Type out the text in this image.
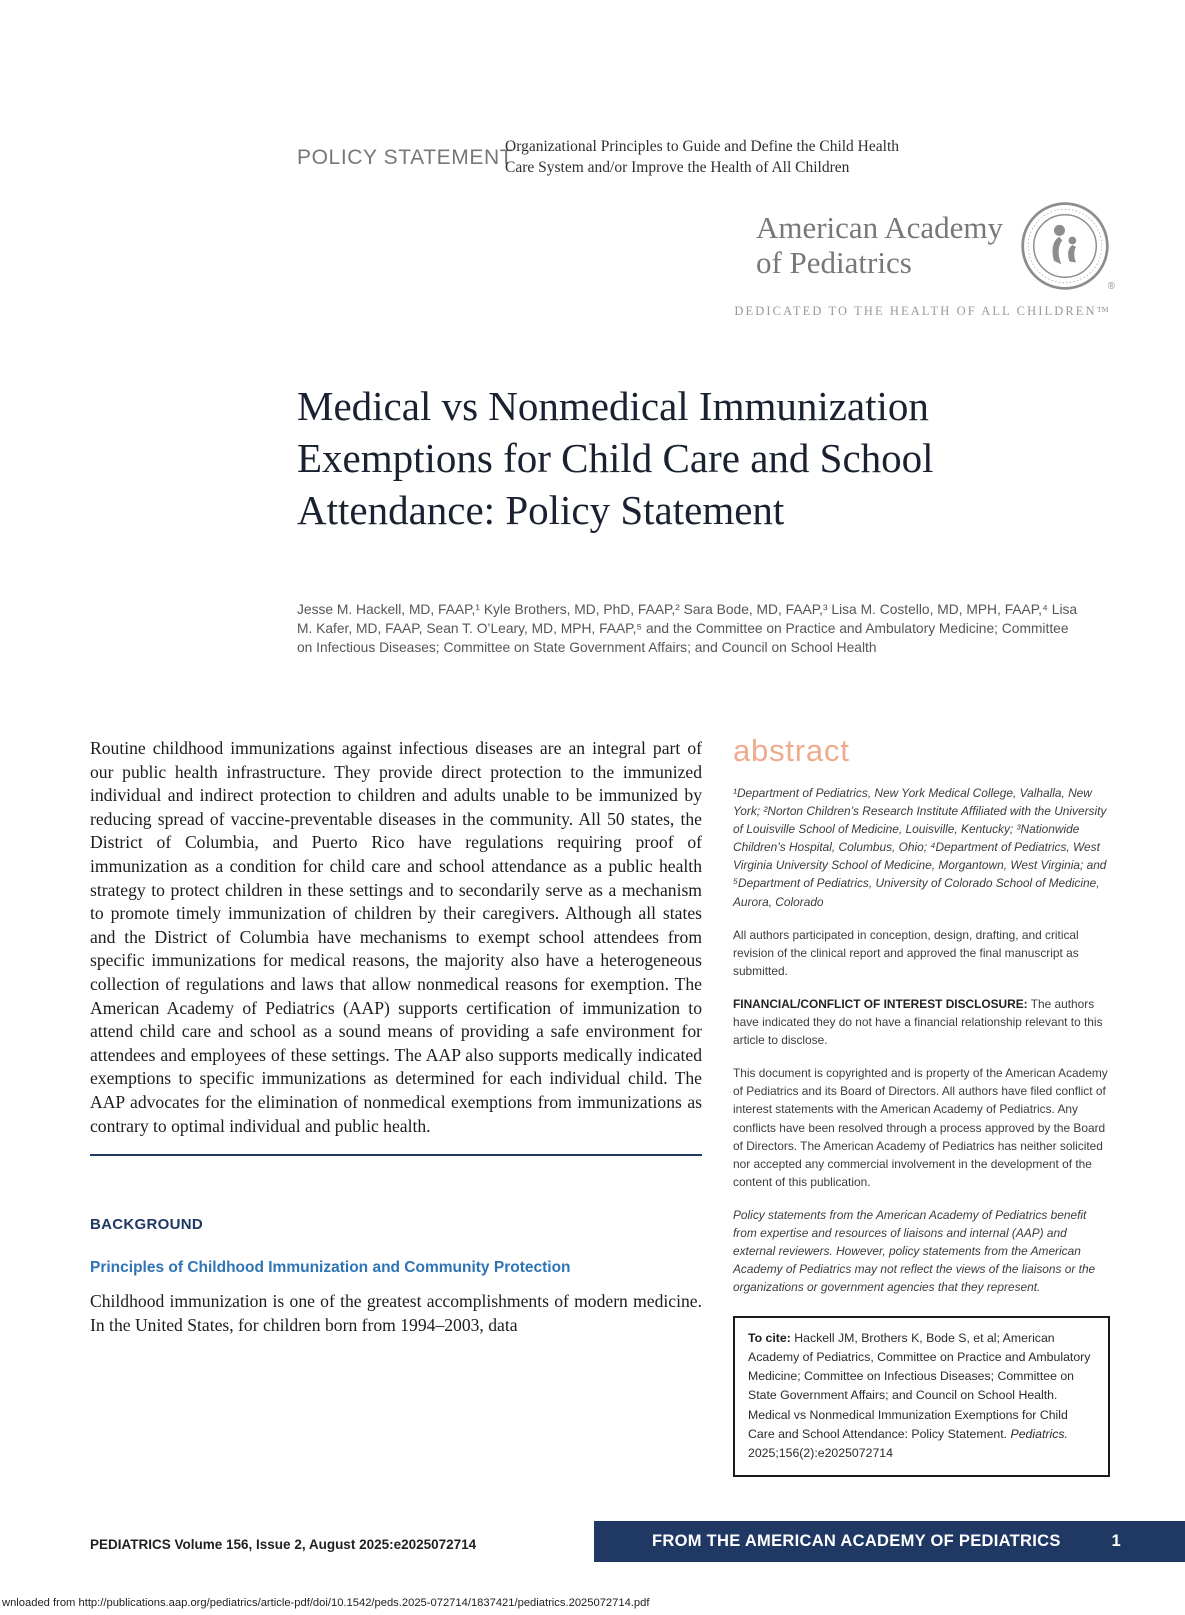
POLICY STATEMENT
Organizational Principles to Guide and Define the Child Health
Care System and/or Improve the Health of All Children
American Academy
of Pediatrics
®
DEDICATED TO THE HEALTH OF ALL CHILDREN™
Medical vs Nonmedical Immunization Exemptions for Child Care and School Attendance: Policy Statement

Jesse M. Hackell, MD, FAAP,¹ Kyle Brothers, MD, PhD, FAAP,² Sara Bode, MD, FAAP,³ Lisa M. Costello, MD, MPH, FAAP,⁴ Lisa M. Kafer, MD, FAAP, Sean T. O’Leary, MD, MPH, FAAP,⁵ and the Committee on Practice and Ambulatory Medicine; Committee on Infectious Diseases; Committee on State Government Affairs; and Council on School Health

Routine childhood immunizations against infectious diseases are an integral part of our public health infrastructure. They provide direct protection to the immunized individual and indirect protection to children and adults unable to be immunized by reducing spread of vaccine-preventable diseases in the community. All 50 states, the District of Columbia, and Puerto Rico have regulations requiring proof of immunization as a condition for child care and school attendance as a public health strategy to protect children in these settings and to secondarily serve as a mechanism to promote timely immunization of children by their caregivers. Although all states and the District of Columbia have mechanisms to exempt school attendees from specific immunizations for medical reasons, the majority also have a heterogeneous collection of regulations and laws that allow nonmedical reasons for exemption. The American Academy of Pediatrics (AAP) supports certification of immunization to attend child care and school as a sound means of providing a safe environment for attendees and employees of these settings. The AAP also supports medically indicated exemptions to specific immunizations as determined for each individual child. The AAP advocates for the elimination of nonmedical exemptions from immunizations as contrary to optimal individual and public health.

BACKGROUND
Principles of Childhood Immunization and Community Protection

Childhood immunization is one of the greatest accomplishments of modern medicine. In the United States, for children born from 1994–2003, data

abstract

¹Department of Pediatrics, New York Medical College, Valhalla, New York; ²Norton Children’s Research Institute Affiliated with the University of Louisville School of Medicine, Louisville, Kentucky; ³Nationwide Children’s Hospital, Columbus, Ohio; ⁴Department of Pediatrics, West Virginia University School of Medicine, Morgantown, West Virginia; and ⁵Department of Pediatrics, University of Colorado School of Medicine, Aurora, Colorado

All authors participated in conception, design, drafting, and critical revision of the clinical report and approved the final manuscript as submitted.

FINANCIAL/CONFLICT OF INTEREST DISCLOSURE: The authors have indicated they do not have a financial relationship relevant to this article to disclose.

This document is copyrighted and is property of the American Academy of Pediatrics and its Board of Directors. All authors have filed conflict of interest statements with the American Academy of Pediatrics. Any conflicts have been resolved through a process approved by the Board of Directors. The American Academy of Pediatrics has neither solicited nor accepted any commercial involvement in the development of the content of this publication.

Policy statements from the American Academy of Pediatrics benefit from expertise and resources of liaisons and internal (AAP) and external reviewers. However, policy statements from the American Academy of Pediatrics may not reflect the views of the liaisons or the organizations or government agencies that they represent.

To cite: Hackell JM, Brothers K, Bode S, et al; American Academy of Pediatrics, Committee on Practice and Ambulatory Medicine; Committee on Infectious Diseases; Committee on State Government Affairs; and Council on School Health. Medical vs Nonmedical Immunization Exemptions for Child Care and School Attendance: Policy Statement. Pediatrics. 2025;156(2):e2025072714
PEDIATRICS Volume 156, Issue 2, August 2025:e2025072714	FROM THE AMERICAN ACADEMY OF PEDIATRICS	1
wnloaded from http://publications.aap.org/pediatrics/article-pdf/doi/10.1542/peds.2025-072714/1837421/pediatrics.2025072714.pdf
